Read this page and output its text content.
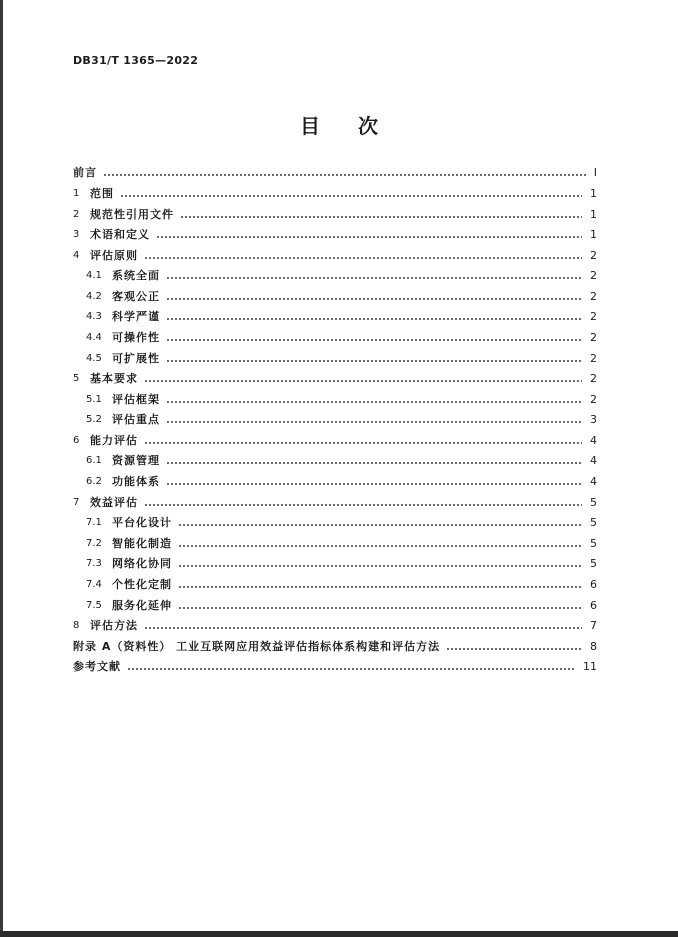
DB31/T 1365—2022
目 次
前言	Ⅰ
1 范围	1
2 规范性引用文件	1
3 术语和定义	1
4 评估原则	2
4.1 系统全面	2
4.2 客观公正	2
4.3 科学严谨	2
4.4 可操作性	2
4.5 可扩展性	2
5 基本要求	2
5.1 评估框架	2
5.2 评估重点	3
6 能力评估	4
6.1 资源管理	4
6.2 功能体系	4
7 效益评估	5
7.1 平台化设计	5
7.2 智能化制造	5
7.3 网络化协同	5
7.4 个性化定制	6
7.5 服务化延伸	6
8 评估方法	7
附录 A（资料性） 工业互联网应用效益评估指标体系构建和评估方法	8
参考文献	11
